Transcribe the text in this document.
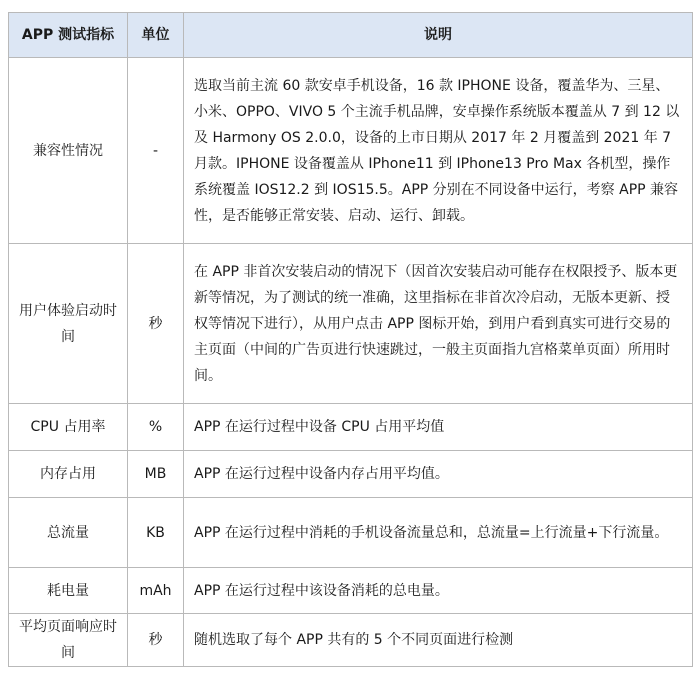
APP 测试指标	单位	说明
兼容性情况	-	选取当前主流 60 款安卓手机设备，16 款 IPHONE 设备，覆盖华为、三星、小米、OPPO、VIVO 5 个主流手机品牌，安卓操作系统版本覆盖从 7 到 12 以及 Harmony OS 2.0.0，设备的上市日期从 2017 年 2 月覆盖到 2021 年 7 月款。IPHONE 设备覆盖从 IPhone11 到 IPhone13 Pro Max 各机型，操作系统覆盖 IOS12.2 到 IOS15.5。APP 分别在不同设备中运行，考察 APP 兼容性，是否能够正常安装、启动、运行、卸载。
用户体验启动时间	秒	在 APP 非首次安装启动的情况下（因首次安装启动可能存在权限授予、版本更新等情况，为了测试的统一准确，这里指标在非首次冷启动，无版本更新、授权等情况下进行），从用户点击 APP 图标开始，到用户看到真实可进行交易的主页面（中间的广告页进行快速跳过，一般主页面指九宫格菜单页面）所用时间。
CPU 占用率	%	APP 在运行过程中设备 CPU 占用平均值
内存占用	MB	APP 在运行过程中设备内存占用平均值。
总流量	KB	APP 在运行过程中消耗的手机设备流量总和，总流量=上行流量+下行流量。
耗电量	mAh	APP 在运行过程中该设备消耗的总电量。
平均页面响应时间	秒	随机选取了每个 APP 共有的 5 个不同页面进行检测
